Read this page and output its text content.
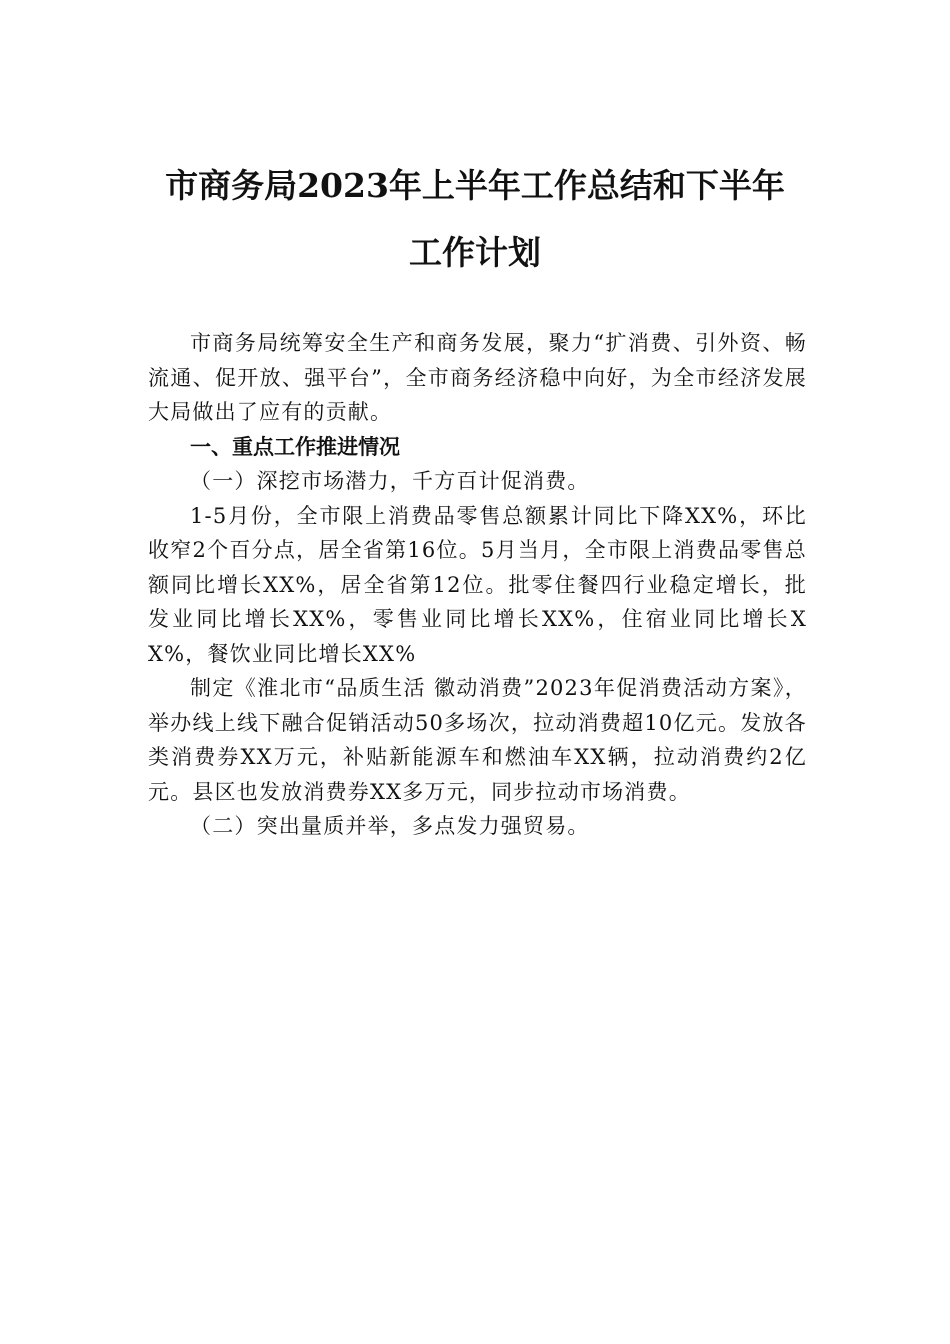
市商务局2023年上半年工作总结和下半年
工作计划

市商务局统筹安全生产和商务发展，聚力“扩消费、引外资、畅流通、促开放、强平台”，全市商务经济稳中向好，为全市经济发展大局做出了应有的贡献。

一、重点工作推进情况

（一）深挖市场潜力，千方百计促消费。

1-5月份，全市限上消费品零售总额累计同比下降XX%，环比收窄2个百分点，居全省第16位。5月当月，全市限上消费品零售总额同比增长XX%，居全省第12位。批零住餐四行业稳定增长，批发业同比增长XX%，零售业同比增长XX%，住宿业同比增长XX%，餐饮业同比增长XX%

制定《淮北市“品质生活 徽动消费”2023年促消费活动方案》，举办线上线下融合促销活动50多场次，拉动消费超10亿元。发放各类消费券XX万元，补贴新能源车和燃油车XX辆，拉动消费约2亿元。县区也发放消费券XX多万元，同步拉动市场消费。

（二）突出量质并举，多点发力强贸易。
